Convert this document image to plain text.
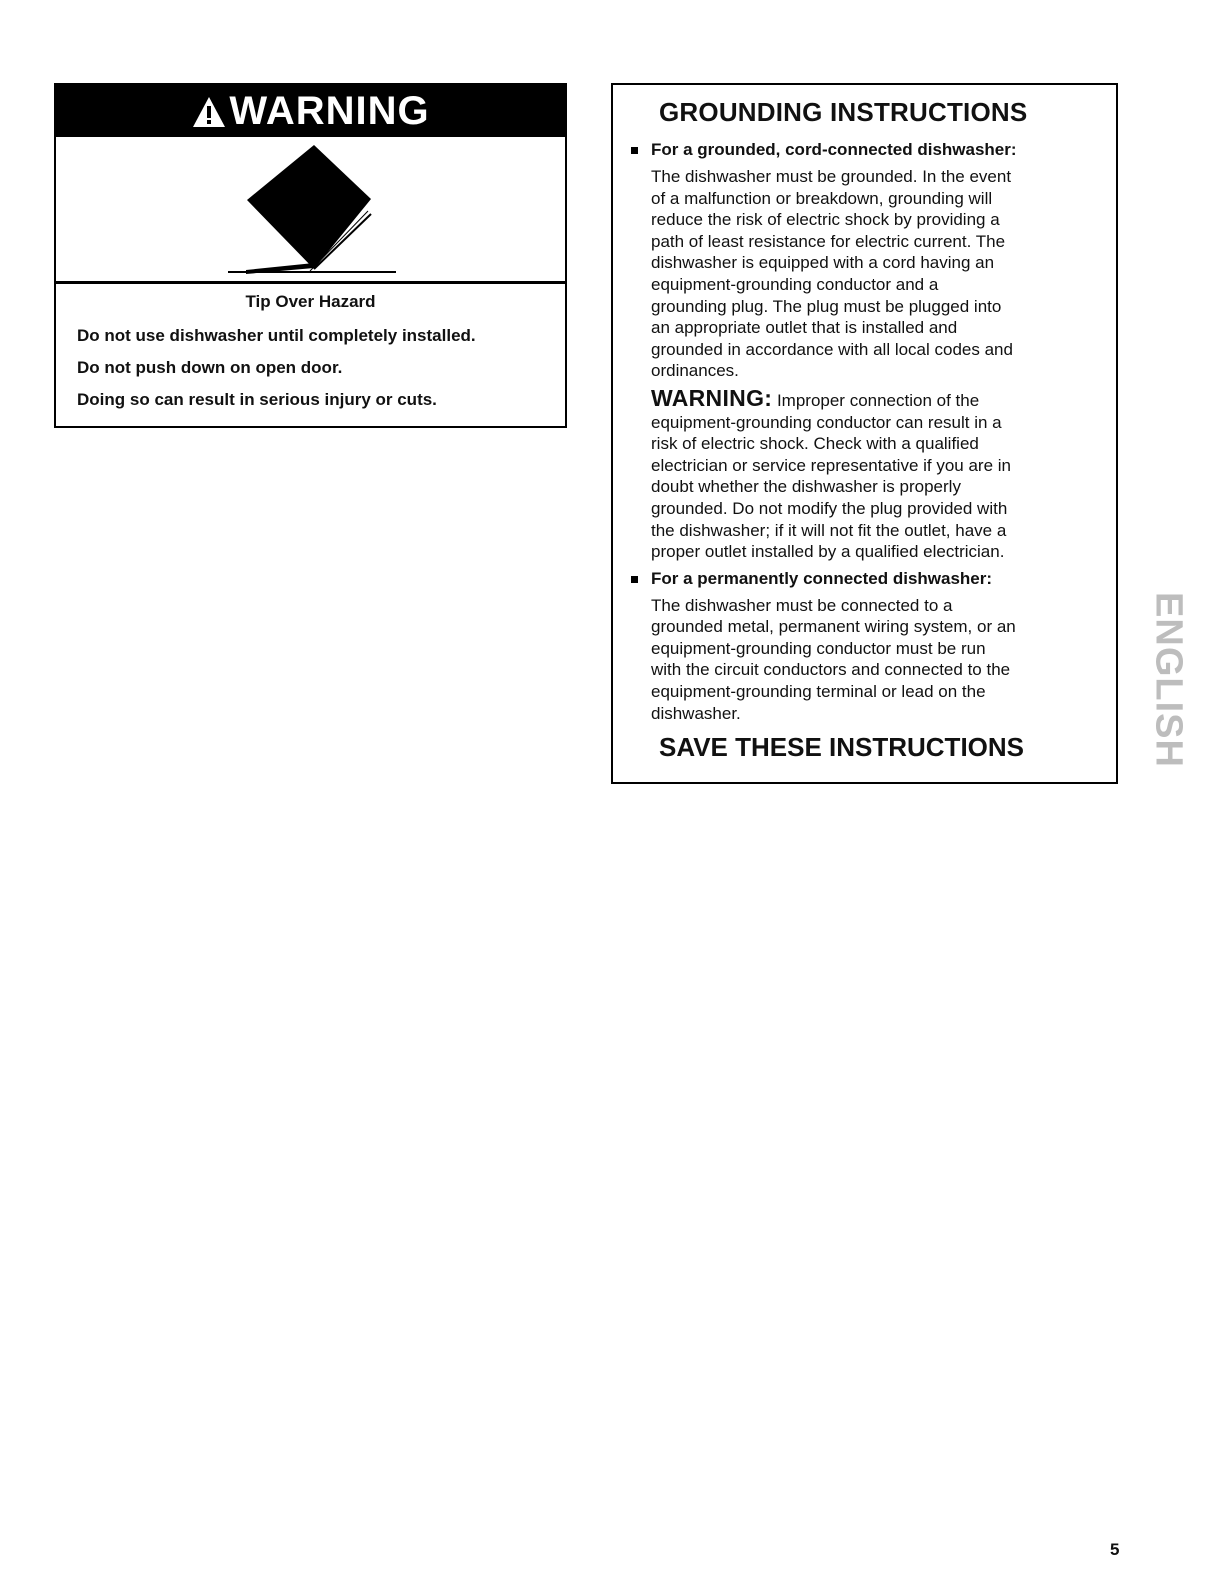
WARNING
Tip Over Hazard
Do not use dishwasher until completely installed.
Do not push down on open door.
Doing so can result in serious injury or cuts.
GROUNDING INSTRUCTIONS
For a grounded, cord-connected dishwasher:
The dishwasher must be grounded. In the event
of a malfunction or breakdown, grounding will
reduce the risk of electric shock by providing a
path of least resistance for electric current. The
dishwasher is equipped with a cord having an
equipment-grounding conductor and a
grounding plug. The plug must be plugged into
an appropriate outlet that is installed and
grounded in accordance with all local codes and
ordinances.
WARNING: Improper connection of the
equipment-grounding conductor can result in a
risk of electric shock. Check with a qualified
electrician or service representative if you are in
doubt whether the dishwasher is properly
grounded. Do not modify the plug provided with
the dishwasher; if it will not fit the outlet, have a
proper outlet installed by a qualified electrician.
For a permanently connected dishwasher:
The dishwasher must be connected to a
grounded metal, permanent wiring system, or an
equipment-grounding conductor must be run
with the circuit conductors and connected to the
equipment-grounding terminal or lead on the
dishwasher.
SAVE THESE INSTRUCTIONS	ENGLISH
5
